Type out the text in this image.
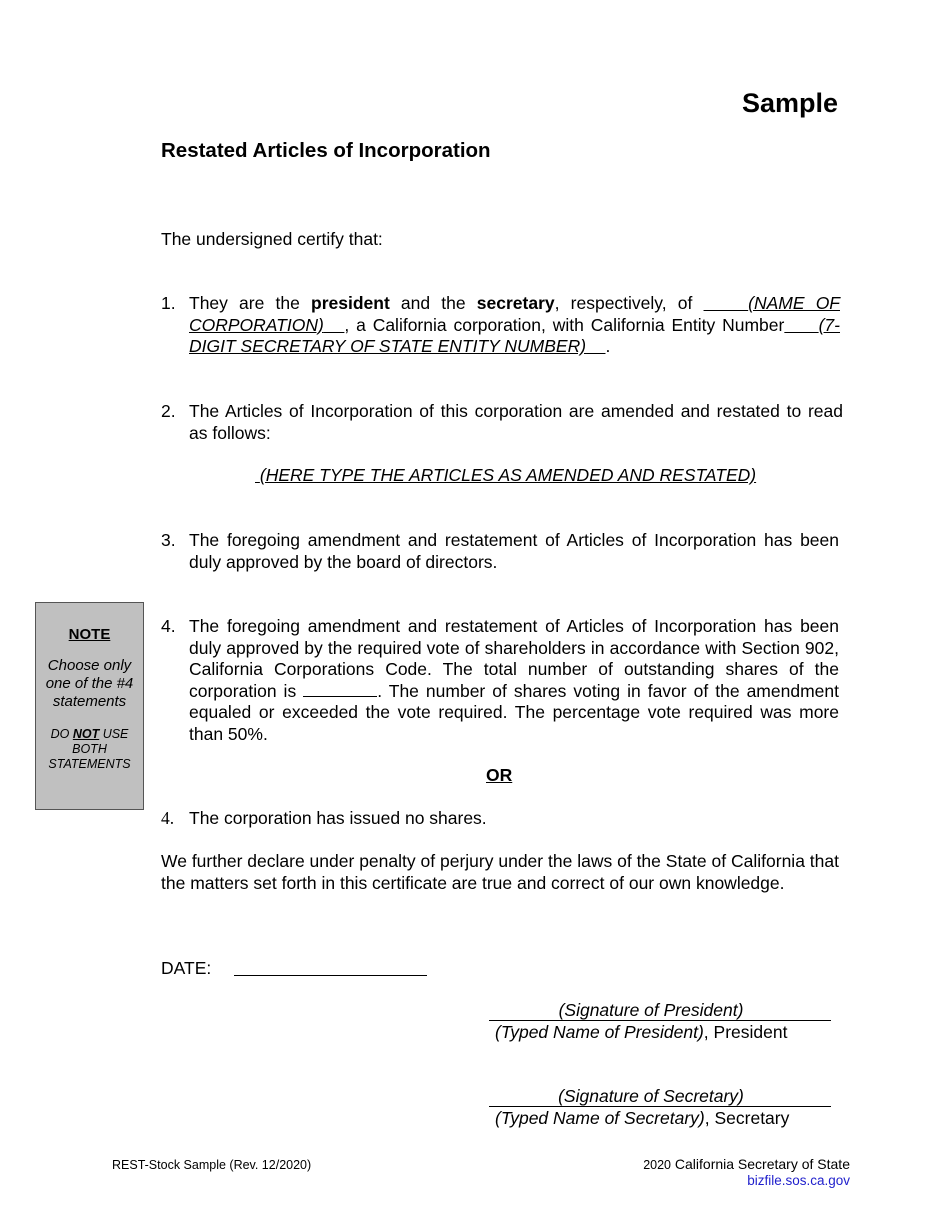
Sample
Restated Articles of Incorporation
The undersigned certify that:
1. They are the president and the secretary, respectively, of	(NAME OF CORPORATION) , a California corporation, with California Entity Number (7-DIGIT SECRETARY OF STATE ENTITY NUMBER) .
2. The Articles of Incorporation of this corporation are amended and restated to read as follows:
(HERE TYPE THE ARTICLES AS AMENDED AND RESTATED)
3. The foregoing amendment and restatement of Articles of Incorporation has been duly approved by the board of directors.
NOTE
Choose only one of the #4 statements
DO NOT USE BOTH STATEMENTS
4. The foregoing amendment and restatement of Articles of Incorporation has been duly approved by the required vote of shareholders in accordance with Section 902, California Corporations Code. The total number of outstanding shares of the corporation is	. The number of shares voting in favor of the amendment equaled or exceeded the vote required. The percentage vote required was more than 50%.
OR
4. The corporation has issued no shares.
We further declare under penalty of perjury under the laws of the State of California that the matters set forth in this certificate are true and correct of our own knowledge.
DATE:
(Signature of President)
(Typed Name of President), President
(Signature of Secretary)
(Typed Name of Secretary), Secretary
REST-Stock Sample (Rev. 12/2020)	2020 California Secretary of State
bizfile.sos.ca.gov
